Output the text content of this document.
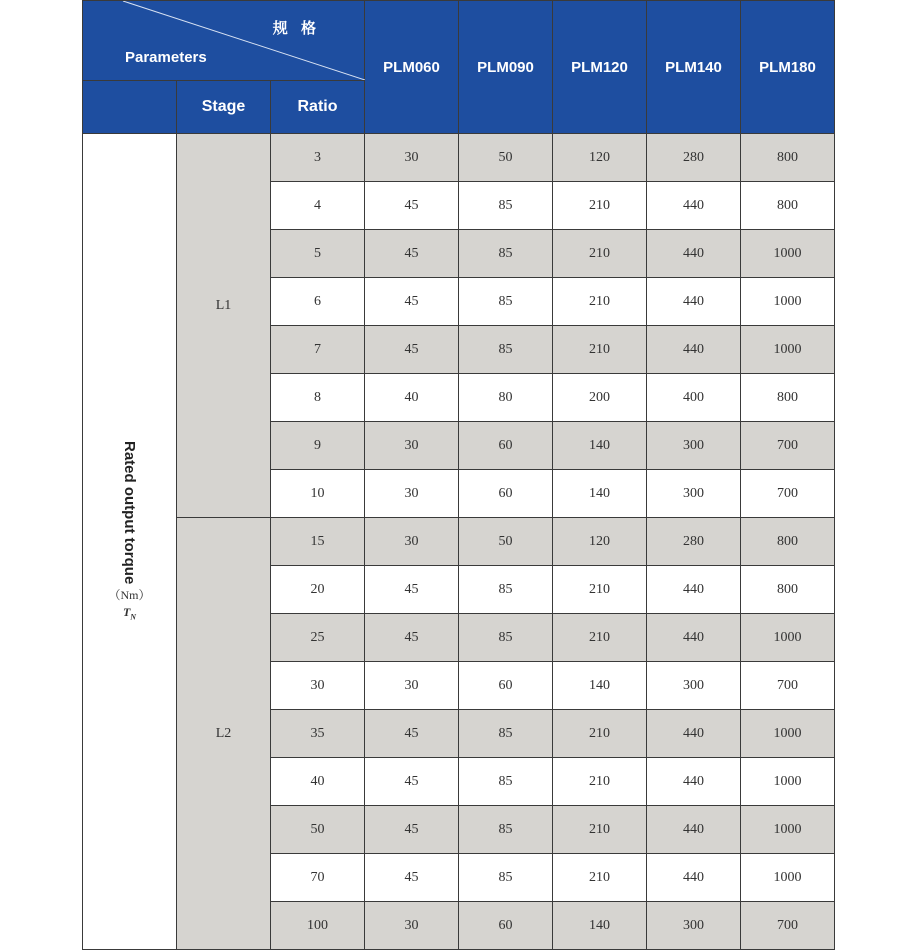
规 格
Parameters			PLM060	PLM090	PLM120	PLM140	PLM180
	Stage	Ratio					

Rated output torque
（Nm）
$T_N$	L1	3	30	50	120	280	800
		4	45	85	210	440	800
		5	45	85	210	440	1000
		6	45	85	210	440	1000
		7	45	85	210	440	1000
		8	40	80	200	400	800
		9	30	60	140	300	700
		10	30	60	140	300	700
	L2	15	30	50	120	280	800
		20	45	85	210	440	800
		25	45	85	210	440	1000
		30	30	60	140	300	700
		35	45	85	210	440	1000
		40	45	85	210	440	1000
		50	45	85	210	440	1000
		70	45	85	210	440	1000
		100	30	60	140	300	700
